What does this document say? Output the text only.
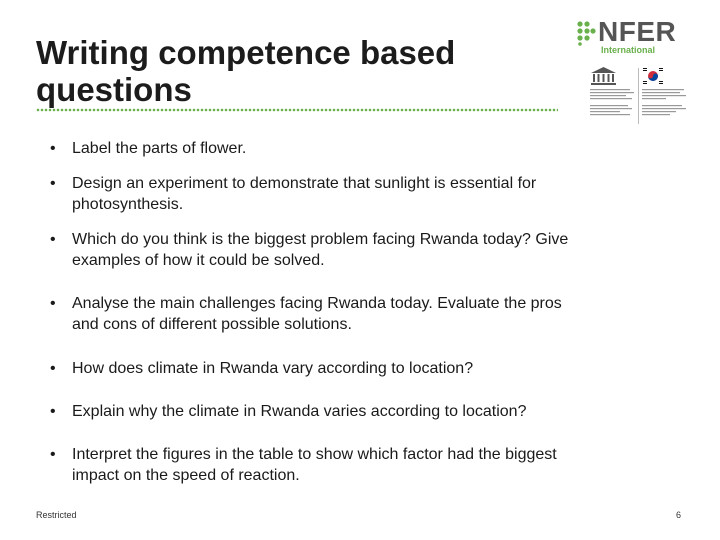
Writing competence based
questions
NFER
International
• Label the parts of flower.
• Design an experiment to demonstrate that sunlight is essential for
photosynthesis.
• Which do you think is the biggest problem facing Rwanda today? Give
examples of how it could be solved.
• Analyse the main challenges facing Rwanda today. Evaluate the pros
and cons of different possible solutions.
• How does climate in Rwanda vary according to location?
• Explain why the climate in Rwanda varies according to location?
• Interpret the figures in the table to show which factor had the biggest
impact on the speed of reaction.
Restricted	6
